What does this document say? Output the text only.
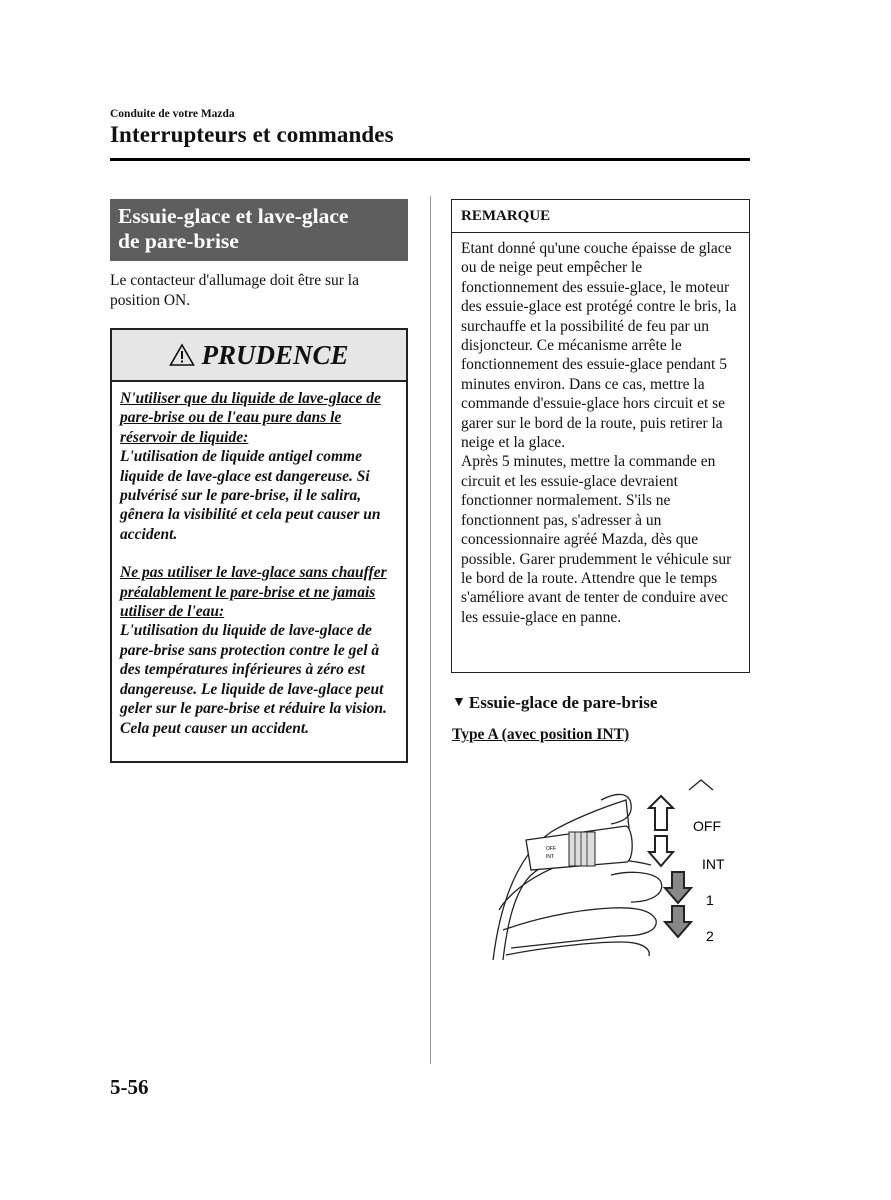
Conduite de votre Mazda
Interrupteurs et commandes
Essuie-glace et lave-glace
de pare-brise
Le contacteur d'allumage doit être sur la position ON.
PRUDENCE
N'utiliser que du liquide de lave-glace de pare-brise ou de l'eau pure dans le réservoir de liquide:
L'utilisation de liquide antigel comme liquide de lave-glace est dangereuse. Si pulvérisé sur le pare-brise, il le salira, gênera la visibilité et cela peut causer un accident.
Ne pas utiliser le lave-glace sans chauffer préalablement le pare-brise et ne jamais utiliser de l'eau:
L'utilisation du liquide de lave-glace de pare-brise sans protection contre le gel à des températures inférieures à zéro est dangereuse. Le liquide de lave-glace peut geler sur le pare-brise et réduire la vision. Cela peut causer un accident.
REMARQUE
Etant donné qu'une couche épaisse de glace ou de neige peut empêcher le fonctionnement des essuie-glace, le moteur des essuie-glace est protégé contre le bris, la surchauffe et la possibilité de feu par un disjoncteur. Ce mécanisme arrête le fonctionnement des essuie-glace pendant 5 minutes environ. Dans ce cas, mettre la commande d'essuie-glace hors circuit et se garer sur le bord de la route, puis retirer la neige et la glace.
Après 5 minutes, mettre la commande en circuit et les essuie-glace devraient fonctionner normalement. S'ils ne fonctionnent pas, s'adresser à un concessionnaire agréé Mazda, dès que possible. Garer prudemment le véhicule sur le bord de la route. Attendre que le temps s'améliore avant de tenter de conduire avec les essuie-glace en panne.
▼ Essuie-glace de pare-brise
Type A (avec position INT)
OFF
INT
OFF
INT
1
2
5-56
